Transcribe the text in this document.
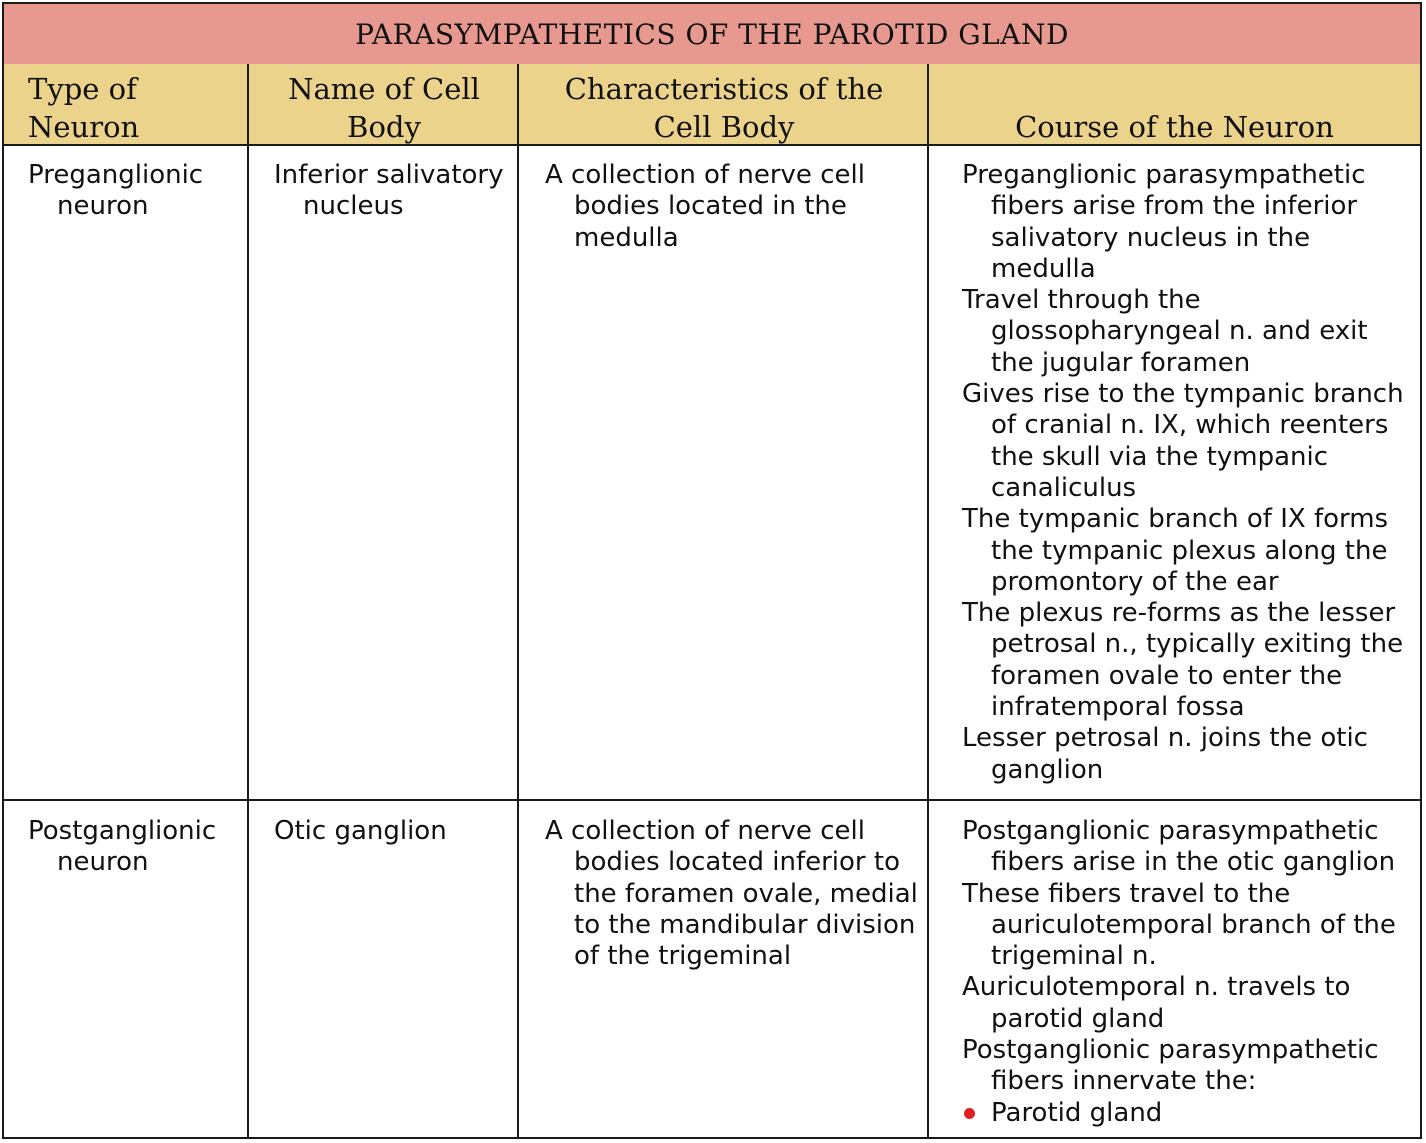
PARASYMPATHETICS OF THE PAROTID GLAND
Type of
Neuron
Name of Cell
Body
Characteristics of the
Cell Body	Course of the Neuron

Preganglionic neuron

Inferior salivatory nucleus

A collection of nerve cell bodies located in the medulla

Preganglionic parasympathetic fibers arise from the inferior salivatory nucleus in the medulla

Travel through the glossopharyngeal n. and exit the jugular foramen

Gives rise to the tympanic branch of cranial n. IX, which reenters the skull via the tympanic canaliculus

The tympanic branch of IX forms the tympanic plexus along the promontory of the ear

The plexus re-forms as the lesser petrosal n., typically exiting the foramen ovale to enter the infratemporal fossa

Lesser petrosal n. joins the otic ganglion

Postganglionic neuron

Otic ganglion	A collection of nerve cell bodies located inferior to the foramen ovale, medial to the mandibular division of the trigeminal

Postganglionic parasympathetic fibers arise in the otic ganglion

These fibers travel to the auriculotemporal branch of the trigeminal n.

Auriculotemporal n. travels to parotid gland

Postganglionic parasympathetic fibers innervate the:

Parotid gland
